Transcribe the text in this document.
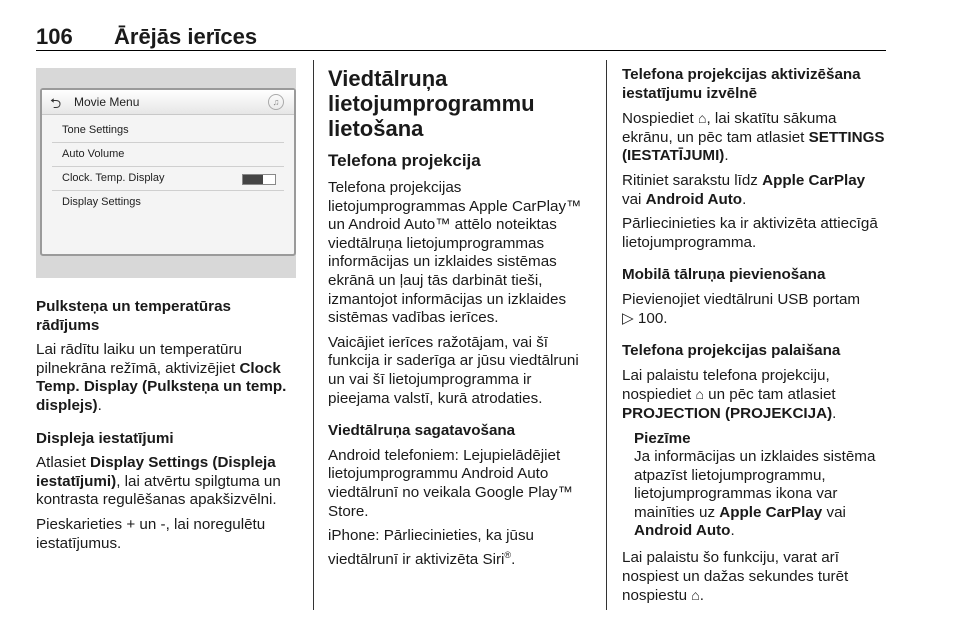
106 Ārējās ierīces
⮌ Movie Menu	♫
Tone Settings
Auto Volume
Clock. Temp. Display
Display Settings

Pulksteņa un temperatūras rādījums

Lai rādītu laiku un temperatūru pilnekrāna režīmā, aktivizējiet Clock Temp. Display (Pulksteņa un temp. displejs).

Displeja iestatījumi

Atlasiet Display Settings (Displeja iestatījumi), lai atvērtu spilgtuma un kontrasta regulēšanas apakšizvēlni.

Pieskarieties + un -, lai noregulētu iestatījumus.

Viedtālruņa lietojumprogrammu lietošana
Telefona projekcija

Telefona projekcijas lietojumprogrammas Apple CarPlay™ un Android Auto™ attēlo noteiktas viedtālruņa lietojumprogrammas informācijas un izklaides sistēmas ekrānā un ļauj tās darbināt tieši, izmantojot informācijas un izklaides sistēmas vadības ierīces.

Vaicājiet ierīces ražotājam, vai šī funkcija ir saderīga ar jūsu viedtālruni un vai šī lietojumprogramma ir pieejama valstī, kurā atrodaties.

Viedtālruņa sagatavošana

Android telefoniem: Lejupielādējiet lietojumprogrammu Android Auto viedtālrunī no veikala Google Play™ Store.

iPhone: Pārliecinieties, ka jūsu viedtālrunī ir aktivizēta Siri®.

Telefona projekcijas aktivizēšana iestatījumu izvēlnē

Nospiediet ⌂, lai skatītu sākuma ekrānu, un pēc tam atlasiet SETTINGS (IESTATĪJUMI).

Ritiniet sarakstu līdz Apple CarPlay vai Android Auto.

Pārliecinieties ka ir aktivizēta attiecīgā lietojumprogramma.

Mobilā tālruņa pievienošana

Pievienojiet viedtālruni USB portam
▷ 100.

Telefona projekcijas palaišana

Lai palaistu telefona projekciju, nospiediet ⌂ un pēc tam atlasiet PROJECTION (PROJEKCIJA).

Piezīme
Ja informācijas un izklaides sistēma atpazīst lietojumprogrammu, lietojumprogrammas ikona var mainīties uz Apple CarPlay vai Android Auto.

Lai palaistu šo funkciju, varat arī nospiest un dažas sekundes turēt nospiestu ⌂.
